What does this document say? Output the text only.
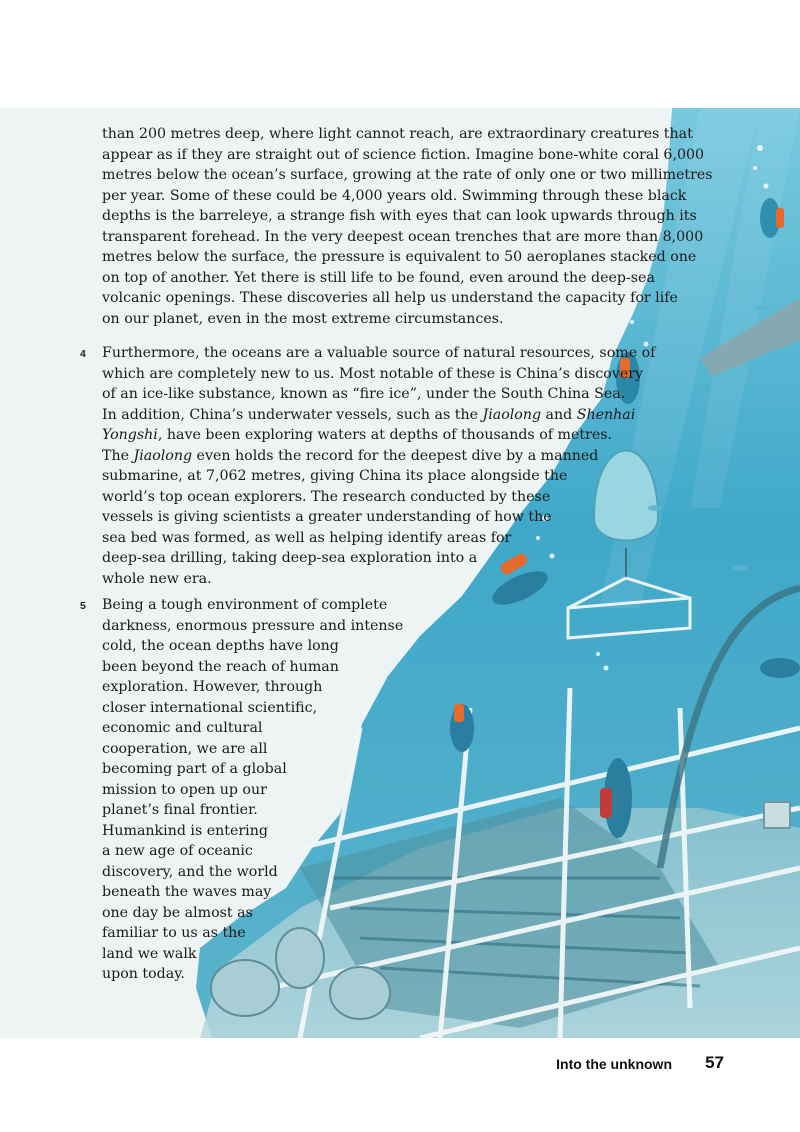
than 200 metres deep, where light cannot reach, are extraordinary creatures that
appear as if they are straight out of science fiction. Imagine bone-white coral 6,000
metres below the ocean’s surface, growing at the rate of only one or two millimetres
per year. Some of these could be 4,000 years old. Swimming through these black
depths is the barreleye, a strange fish with eyes that can look upwards through its
transparent forehead. In the very deepest ocean trenches that are more than 8,000
metres below the surface, the pressure is equivalent to 50 aeroplanes stacked one
on top of another. Yet there is still life to be found, even around the deep-sea
volcanic openings. These discoveries all help us understand the capacity for life
on our planet, even in the most extreme circumstances.
4 Furthermore, the oceans are a valuable source of natural resources, some of
which are completely new to us. Most notable of these is China’s discovery
of an ice-like substance, known as “fire ice”, under the South China Sea.
In addition, China’s underwater vessels, such as the Jiaolong and Shenhai
Yongshi, have been exploring waters at depths of thousands of metres.
The Jiaolong even holds the record for the deepest dive by a manned
submarine, at 7,062 metres, giving China its place alongside the
world’s top ocean explorers. The research conducted by these
vessels is giving scientists a greater understanding of how the
sea bed was formed, as well as helping identify areas for
deep-sea drilling, taking deep-sea exploration into a
whole new era.
5 Being a tough environment of complete
darkness, enormous pressure and intense
cold, the ocean depths have long
been beyond the reach of human
exploration. However, through
closer international scientific,
economic and cultural
cooperation, we are all
becoming part of a global
mission to open up our
planet’s final frontier.
Humankind is entering
a new age of oceanic
discovery, and the world
beneath the waves may
one day be almost as
familiar to us as the
land we walk
upon today.
Into the unknown 57
